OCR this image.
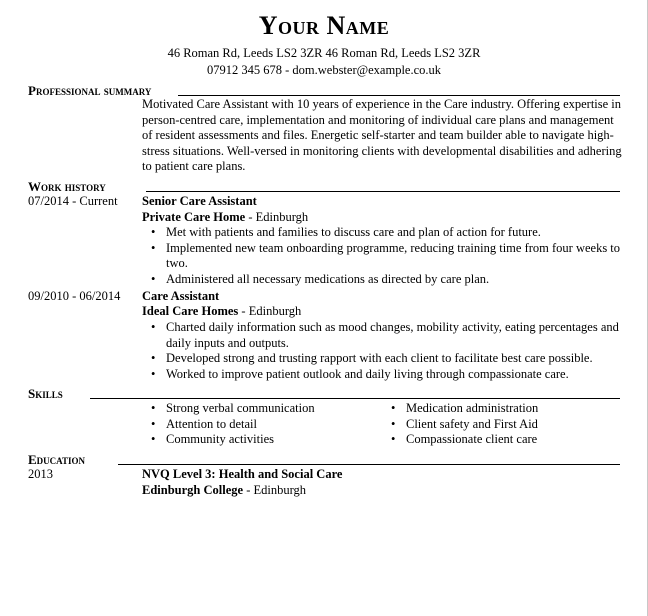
Your Name
46 Roman Rd, Leeds LS2 3ZR 46 Roman Rd, Leeds LS2 3ZR
07912 345 678 - dom.webster@example.co.uk
Professional summary
Motivated Care Assistant with 10 years of experience in the Care industry. Offering expertise in person-centred care, implementation and monitoring of individual care plans and management of resident assessments and files. Energetic self-starter and team builder able to navigate high-stress situations. Well-versed in monitoring clients with developmental disabilities and adhering to patient care plans.
Work history
07/2014 - Current Senior Care Assistant
Private Care Home - Edinburgh
• Met with patients and families to discuss care and plan of action for future.
• Implemented new team onboarding programme, reducing training time from four weeks to two.
• Administered all necessary medications as directed by care plan.
09/2010 - 06/2014 Care Assistant
Ideal Care Homes - Edinburgh
• Charted daily information such as mood changes, mobility activity, eating percentages and daily inputs and outputs.
• Developed strong and trusting rapport with each client to facilitate best care possible.
• Worked to improve patient outlook and daily living through compassionate care.
Skills
• Strong verbal communication
• Attention to detail
• Community activities
• Medication administration
• Client safety and First Aid
• Compassionate client care
Education
2013	NVQ Level 3: Health and Social Care
Edinburgh College - Edinburgh
